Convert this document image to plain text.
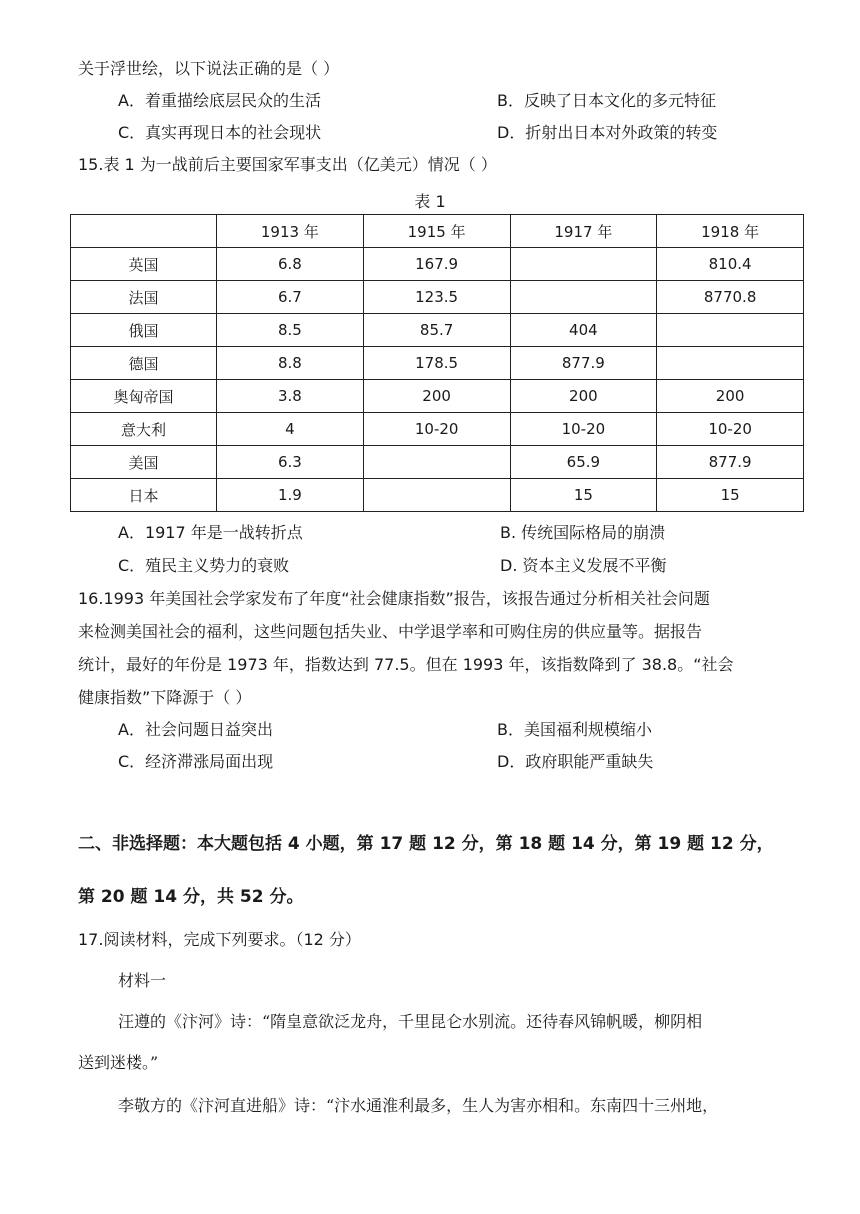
关于浮世绘，以下说法正确的是（ ）
A．着重描绘底层民众的生活	B．反映了日本文化的多元特征
C．真实再现日本的社会现状	D．折射出日本对外政策的转变
15.表 1 为一战前后主要国家军事支出（亿美元）情况（ ）
表 1
	1913 年	1915 年	1917 年	1918 年
英国	6.8	167.9		810.4
法国	6.7	123.5		8770.8
俄国	8.5	85.7	404	
德国	8.8	178.5	877.9	
奥匈帝国	3.8	200	200	200
意大利	4	10-20	10-20	10-20
美国	6.3		65.9	877.9
日本	1.9		15	15
A．1917 年是一战转折点	B. 传统国际格局的崩溃
C．殖民主义势力的衰败	D. 资本主义发展不平衡
16.1993 年美国社会学家发布了年度“社会健康指数”报告，该报告通过分析相关社会问题
来检测美国社会的福利，这些问题包括失业、中学退学率和可购住房的供应量等。据报告
统计，最好的年份是 1973 年，指数达到 77.5。但在 1993 年，该指数降到了 38.8。“社会
健康指数”下降源于（ ）
A．社会问题日益突出	B．美国福利规模缩小
C．经济滞涨局面出现	D．政府职能严重缺失
二、非选择题：本大题包括 4 小题，第 17 题 12 分，第 18 题 14 分，第 19 题 12 分，
第 20 题 14 分，共 52 分。
17.阅读材料，完成下列要求。（12 分）
材料一
汪遵的《汴河》诗：“隋皇意欲泛龙舟，千里昆仑水别流。还待春风锦帆暖，柳阴相
送到迷楼。”
李敬方的《汴河直进船》诗：“汴水通淮利最多，生人为害亦相和。东南四十三州地，
